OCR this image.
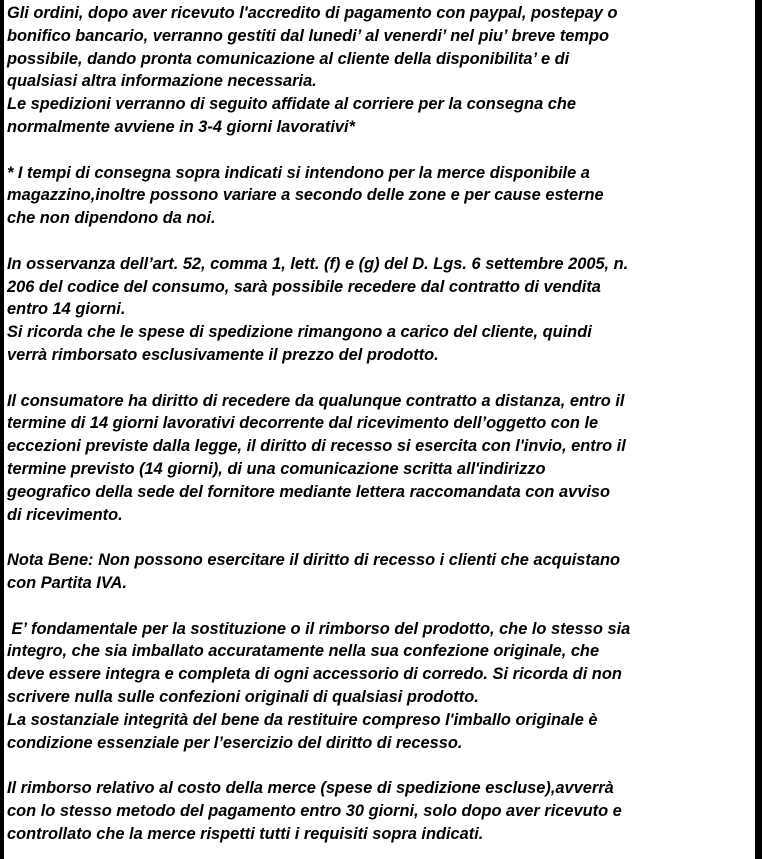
Gli ordini, dopo aver ricevuto l'accredito di pagamento con paypal, postepay o
bonifico bancario, verranno gestiti dal lunedi’ al venerdi’ nel piu’ breve tempo
possibile, dando pronta comunicazione al cliente della disponibilita’ e di
qualsiasi altra informazione necessaria.
Le spedizioni verranno di seguito affidate al corriere per la consegna che
normalmente avviene in 3-4 giorni lavorativi*

* I tempi di consegna sopra indicati si intendono per la merce disponibile a
magazzino,inoltre possono variare a secondo delle zone e per cause esterne
che non dipendono da noi.

In osservanza dell’art. 52, comma 1, lett. (f) e (g) del D. Lgs. 6 settembre 2005, n.
206 del codice del consumo, sarà possibile recedere dal contratto di vendita
entro 14 giorni.
Si ricorda che le spese di spedizione rimangono a carico del cliente, quindi
verrà rimborsato esclusivamente il prezzo del prodotto.

Il consumatore ha diritto di recedere da qualunque contratto a distanza, entro il
termine di 14 giorni lavorativi decorrente dal ricevimento dell’oggetto con le
eccezioni previste dalla legge, il diritto di recesso si esercita con l'invio, entro il
termine previsto (14 giorni), di una comunicazione scritta all'indirizzo
geografico della sede del fornitore mediante lettera raccomandata con avviso
di ricevimento.

Nota Bene: Non possono esercitare il diritto di recesso i clienti che acquistano
con Partita IVA.

E’ fondamentale per la sostituzione o il rimborso del prodotto, che lo stesso sia
integro, che sia imballato accuratamente nella sua confezione originale, che
deve essere integra e completa di ogni accessorio di corredo. Si ricorda di non
scrivere nulla sulle confezioni originali di qualsiasi prodotto.
La sostanziale integrità del bene da restituire compreso l'imballo originale è
condizione essenziale per l’esercizio del diritto di recesso.

Il rimborso relativo al costo della merce (spese di spedizione escluse),avverrà
con lo stesso metodo del pagamento entro 30 giorni, solo dopo aver ricevuto e
controllato che la merce rispetti tutti i requisiti sopra indicati.
